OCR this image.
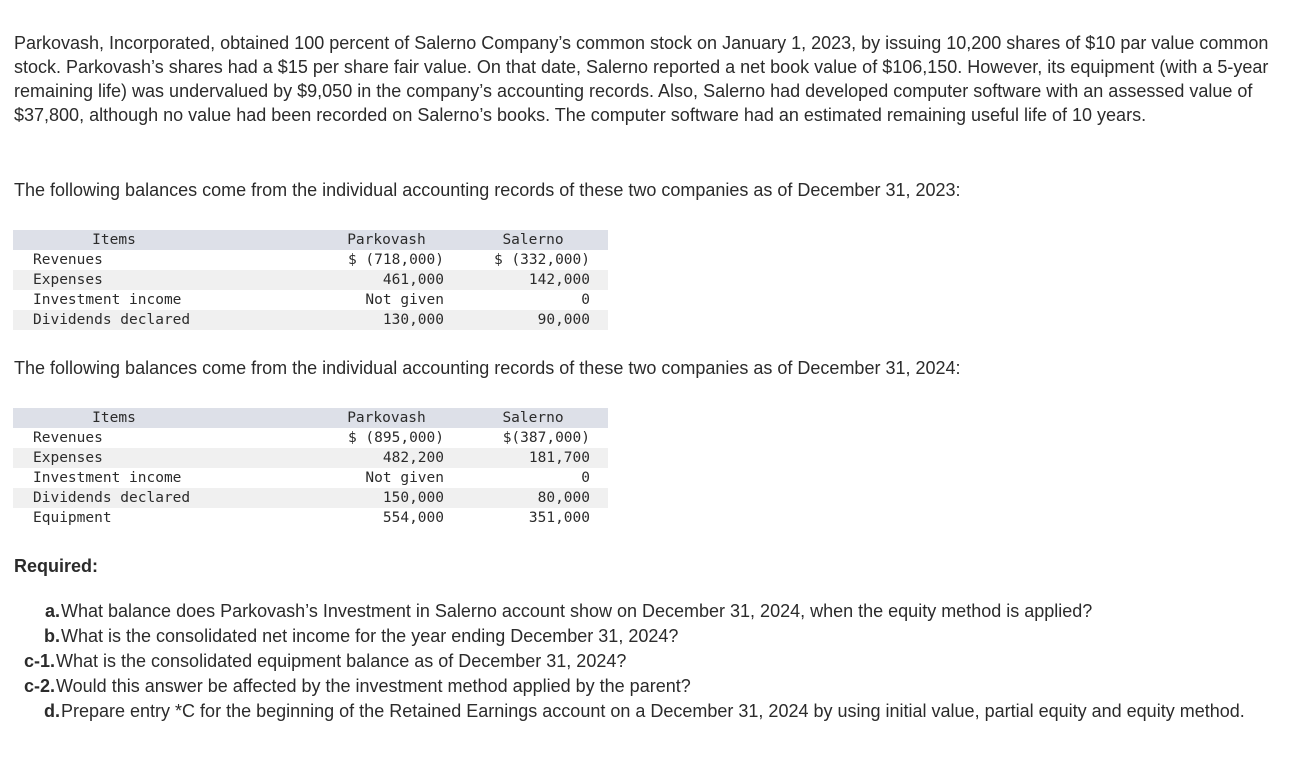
Parkovash, Incorporated, obtained 100 percent of Salerno Company’s common stock on January 1, 2023, by issuing 10,200 shares of $10 par value common stock. Parkovash’s shares had a $15 per share fair value. On that date, Salerno reported a net book value of $106,150. However, its equipment (with a 5-year remaining life) was undervalued by $9,050 in the company’s accounting records. Also, Salerno had developed computer software with an assessed value of $37,800, although no value had been recorded on Salerno’s books. The computer software had an estimated remaining useful life of 10 years.

The following balances come from the individual accounting records of these two companies as of December 31, 2023:

Items	Parkovash	Salerno
Revenues	$ (718,000)	$ (332,000)
Expenses	461,000	142,000
Investment income	Not given	0
Dividends declared	130,000	90,000

The following balances come from the individual accounting records of these two companies as of December 31, 2024:

Items	Parkovash	Salerno
Revenues	$ (895,000)	$(387,000)
Expenses	482,200	181,700
Investment income	Not given	0
Dividends declared	150,000	80,000
Equipment	554,000	351,000

Required:

a. What balance does Parkovash’s Investment in Salerno account show on December 31, 2024, when the equity method is applied?
b. What is the consolidated net income for the year ending December 31, 2024?
c-1. What is the consolidated equipment balance as of December 31, 2024?
c-2. Would this answer be affected by the investment method applied by the parent?
d. Prepare entry *C for the beginning of the Retained Earnings account on a December 31, 2024 by using initial value, partial equity and equity method.
